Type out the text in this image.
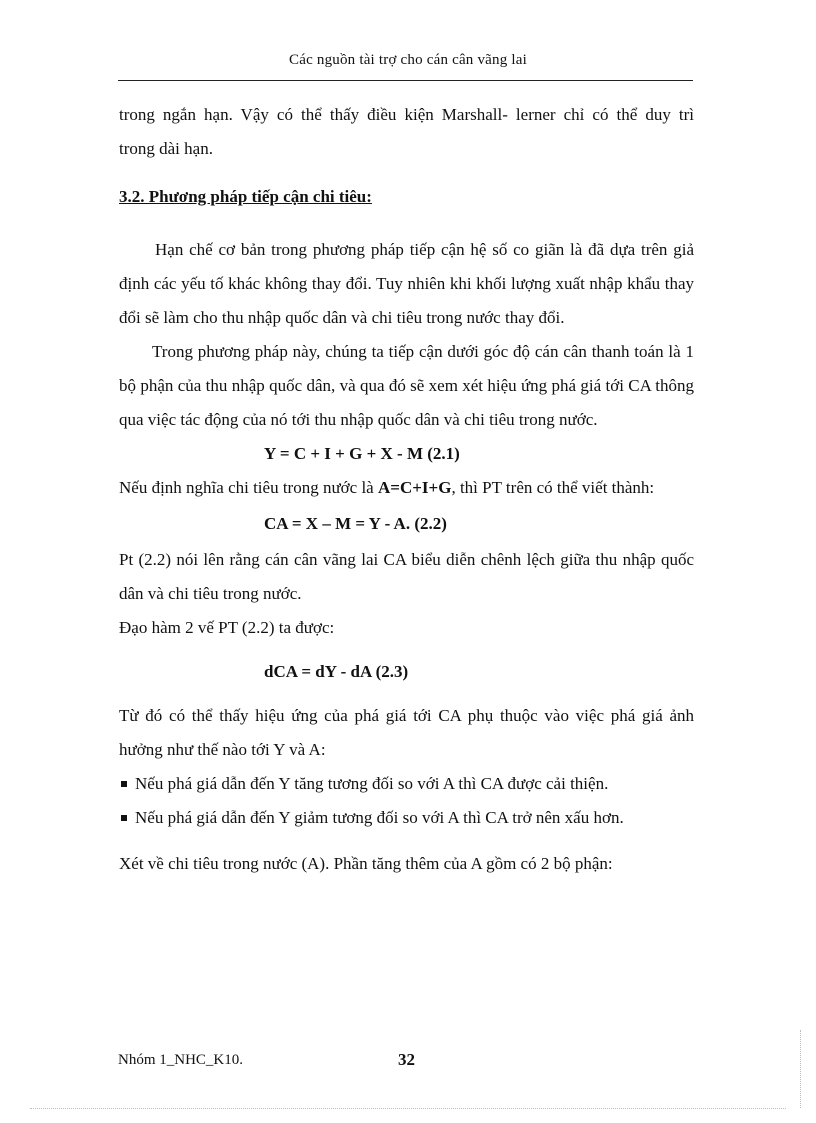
Các nguồn tài trợ cho cán cân vãng lai

trong ngắn hạn. Vậy có thể thấy điều kiện Marshall- lerner chỉ có thể duy trì

trong dài hạn.

3.2. Phương pháp tiếp cận chi tiêu:

Hạn chế cơ bản trong phương pháp tiếp cận hệ số co giãn là đã dựa trên giả định các yếu tố khác không thay đổi. Tuy nhiên khi khối lượng xuất nhập khẩu thay đổi sẽ làm cho thu nhập quốc dân và chi tiêu trong nước thay đổi.

Trong phương pháp này, chúng ta tiếp cận dưới góc độ cán cân thanh toán là 1 bộ phận của thu nhập quốc dân, và qua đó sẽ xem xét hiệu ứng phá giá tới CA thông qua việc tác động của nó tới thu nhập quốc dân và chi tiêu trong nước.

Y = C + I + G + X - M (2.1)

Nếu định nghĩa chi tiêu trong nước là A=C+I+G, thì PT trên có thể viết thành:

CA = X – M = Y - A. (2.2)

Pt (2.2) nói lên rằng cán cân vãng lai CA biểu diễn chênh lệch giữa thu nhập quốc dân và chi tiêu trong nước.

Đạo hàm 2 vế PT (2.2) ta được:

dCA = dY - dA (2.3)

Từ đó có thể thấy hiệu ứng của phá giá tới CA phụ thuộc vào việc phá giá ảnh hưởng như thế nào tới Y và A:

Nếu phá giá dẫn đến Y tăng tương đối so với A thì CA được cải thiện.

Nếu phá giá dẫn đến Y giảm tương đối so với A thì CA trở nên xấu hơn.

Xét về chi tiêu trong nước (A). Phần tăng thêm của A gồm có 2 bộ phận:

Nhóm 1_NHC_K10.	32
